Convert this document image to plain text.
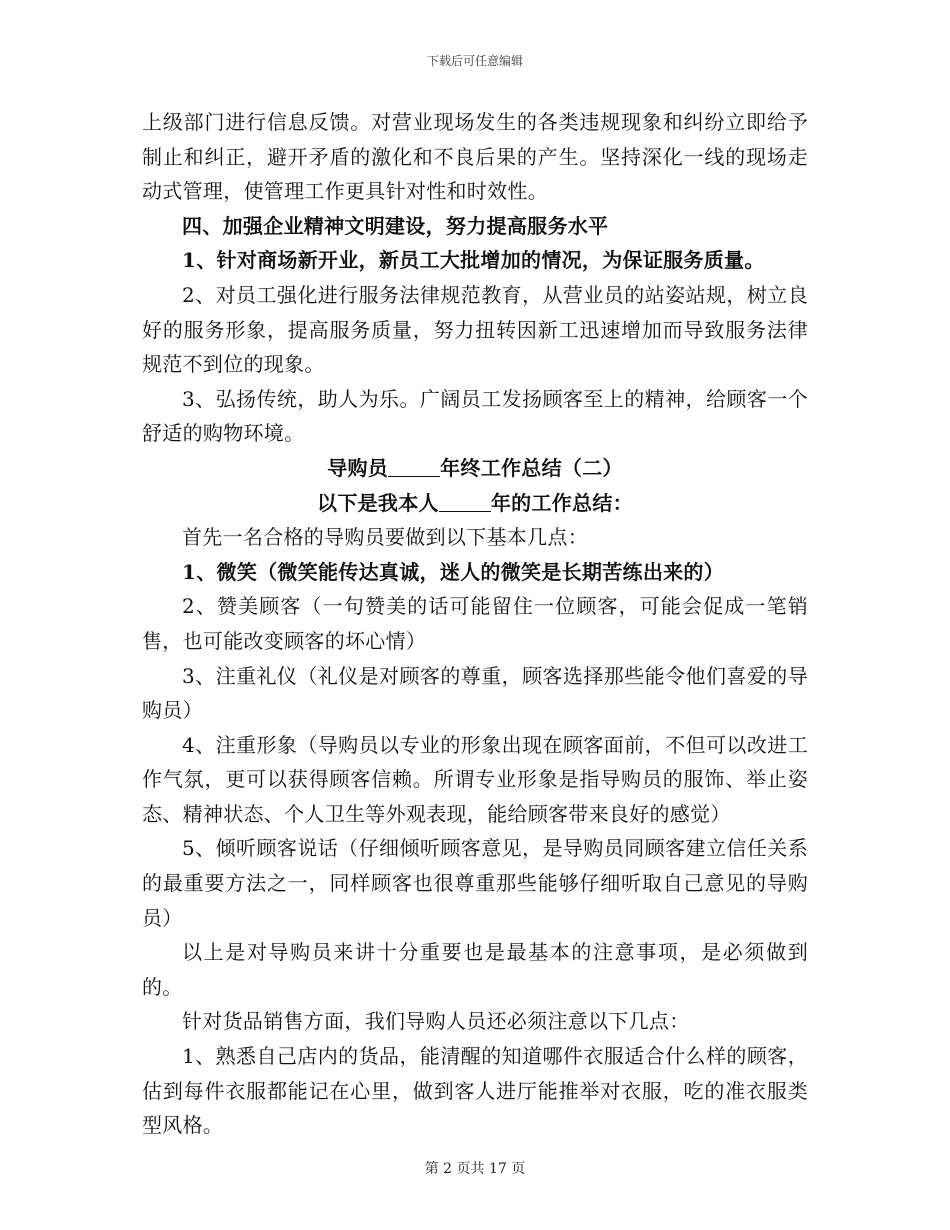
下载后可任意编辑

上级部门进行信息反馈。对营业现场发生的各类违规现象和纠纷立即给予制止和纠正，避开矛盾的激化和不良后果的产生。坚持深化一线的现场走动式管理，使管理工作更具针对性和时效性。

四、加强企业精神文明建设，努力提高服务水平

1、针对商场新开业，新员工大批增加的情况，为保证服务质量。

2、对员工强化进行服务法律规范教育，从营业员的站姿站规，树立良好的服务形象，提高服务质量，努力扭转因新工迅速增加而导致服务法律规范不到位的现象。

3、弘扬传统，助人为乐。广阔员工发扬顾客至上的精神，给顾客一个舒适的购物环境。

导购员	年终工作总结（二）

以下是我本人	年的工作总结：

首先一名合格的导购员要做到以下基本几点：

1、微笑（微笑能传达真诚，迷人的微笑是长期苦练出来的）

2、赞美顾客（一句赞美的话可能留住一位顾客，可能会促成一笔销售，也可能改变顾客的坏心情）

3、注重礼仪（礼仪是对顾客的尊重，顾客选择那些能令他们喜爱的导购员）

4、注重形象（导购员以专业的形象出现在顾客面前，不但可以改进工作气氛，更可以获得顾客信赖。所谓专业形象是指导购员的服饰、举止姿态、精神状态、个人卫生等外观表现，能给顾客带来良好的感觉）

5、倾听顾客说话（仔细倾听顾客意见，是导购员同顾客建立信任关系的最重要方法之一，同样顾客也很尊重那些能够仔细听取自己意见的导购员）

以上是对导购员来讲十分重要也是最基本的注意事项，是必须做到的。

针对货品销售方面，我们导购人员还必须注意以下几点：

1、熟悉自己店内的货品，能清醒的知道哪件衣服适合什么样的顾客，估到每件衣服都能记在心里，做到客人进厅能推举对衣服，吃的准衣服类型风格。

第 2 页共 17 页
